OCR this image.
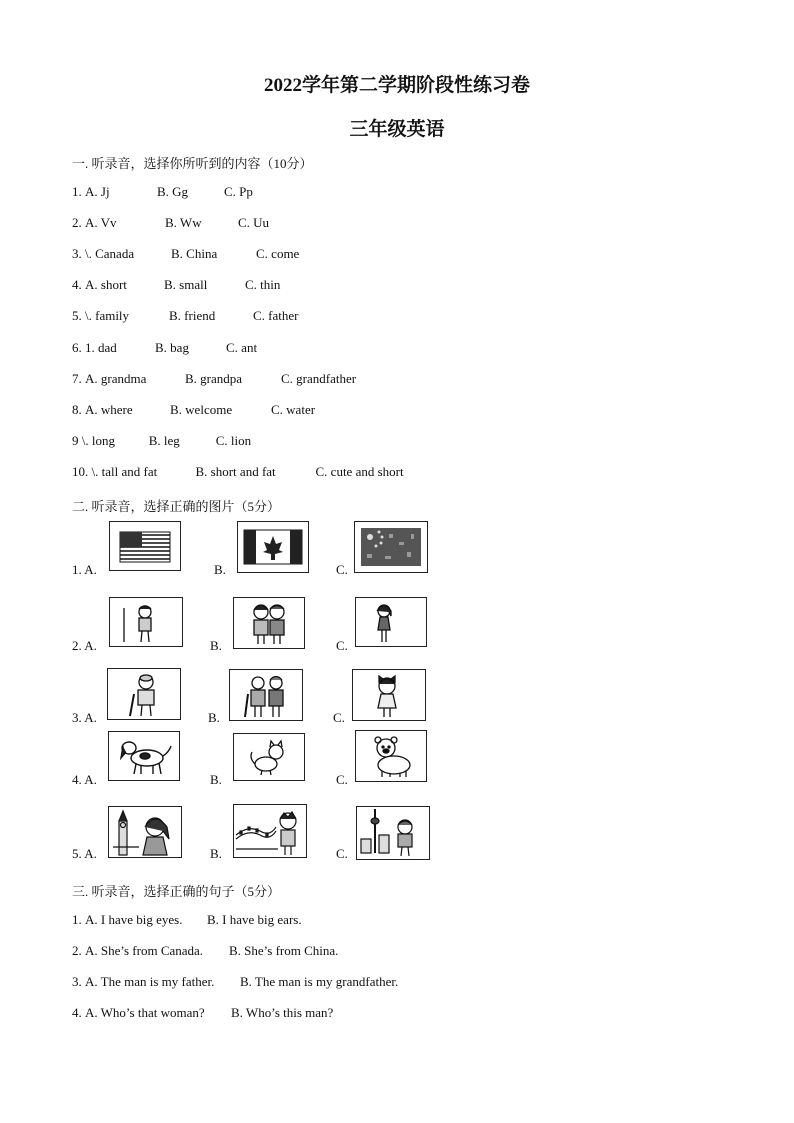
2022学年第二学期阶段性练习卷
三年级英语
一. 听录音，选择你所听到的内容（10分）
1. A. Jj	B. Gg	C. Pp
2. A. Vv	B. Ww	C. Uu
3. \. Canada	B. China	C. come
4. A. short	B. small	C. thin
5. \. family	B. friend	C. father
6. 1. dad	B. bag	C. ant
7. A. grandma	B. grandpa	C. grandfather
8. A. where	B. welcome	C. water
9 \. long	B. leg	C. lion
10. \. tall and fat	B. short and fat	C. cute and short
二. 听录音，选择正确的图片（5分）
1. A.	B.	C.
2. A.	B.	C.
3. A.	B.	C.
4. A.	B.	C.
5. A.	B.	C.
三. 听录音，选择正确的句子（5分）
1. A. I have big eyes. B. I have big ears.
2. A. She’s from Canada. B. She’s from China.
3. A. The man is my father. B. The man is my grandfather.
4. A. Who’s that woman? B. Who’s this man?
